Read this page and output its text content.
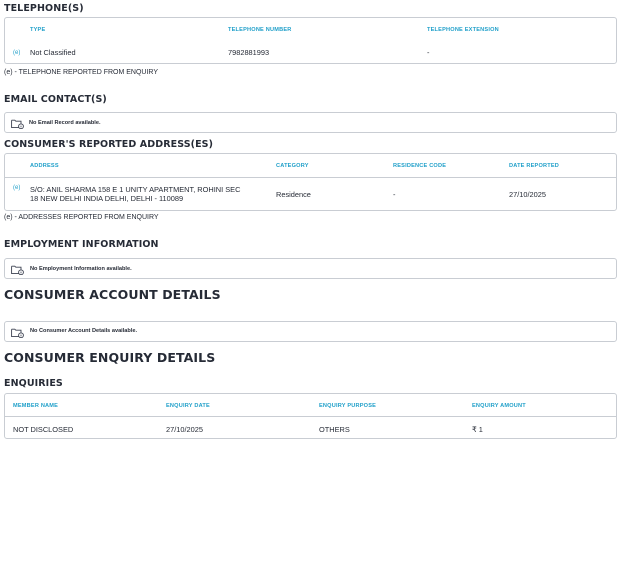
TELEPHONE(S)
TYPE	TELEPHONE NUMBER	TELEPHONE EXTENSION
(e) Not Classified	7982881993	-
(e) - TELEPHONE REPORTED FROM ENQUIRY
EMAIL CONTACT(S)
No Email Record available.
CONSUMER'S REPORTED ADDRESS(ES)
ADDRESS	CATEGORY	RESIDENCE CODE	DATE REPORTED
(e) S/O: ANIL SHARMA 158 E 1 UNITY APARTMENT, ROHINI SEC
18 NEW DELHI INDIA DELHI, DELHI - 110089	Residence	-	27/10/2025
(e) - ADDRESSES REPORTED FROM ENQUIRY
EMPLOYMENT INFORMATION
No Employment Information available.
CONSUMER ACCOUNT DETAILS
No Consumer Account Details available.
CONSUMER ENQUIRY DETAILS
ENQUIRIES
MEMBER NAME	ENQUIRY DATE	ENQUIRY PURPOSE	ENQUIRY AMOUNT
NOT DISCLOSED	27/10/2025	OTHERS	₹ 1
